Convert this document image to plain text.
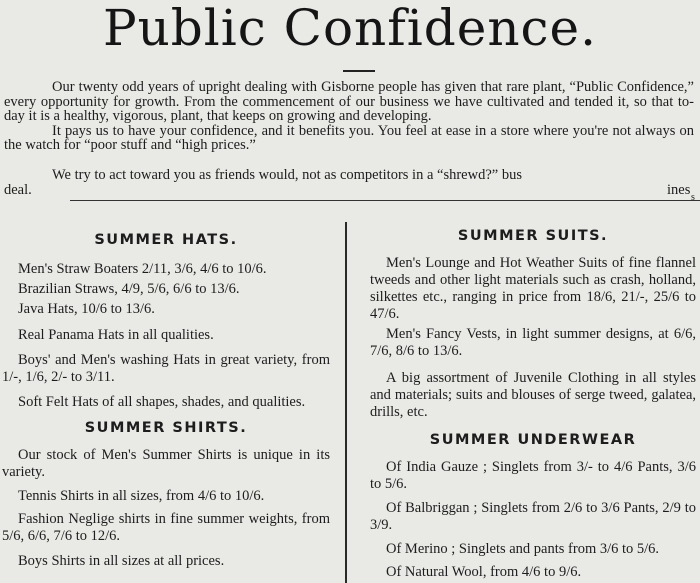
Public Confidence.

Our twenty odd years of upright dealing with Gisborne people has given that rare plant, “Public Confidence,” every opportunity for growth. From the commencement of our business we have cultivated and tended it, so that to-day it is a healthy, vigorous, plant, that keeps on growing and developing.

It pays us to have your confidence, and it benefits you. You feel at ease in a store where you're not always on the watch for “poor stuff and “high prices.”

We try to act toward you as friends would, not as competitors in a “shrewd?” bus
deal.	ines s
SUMMER HATS.

Men's Straw Boaters 2/11, 3/6, 4/6 to 10/6.

Brazilian Straws, 4/9, 5/6, 6/6 to 13/6.

Java Hats, 10/6 to 13/6.

Real Panama Hats in all qualities.

Boys' and Men's washing Hats in great variety, from 1/-, 1/6, 2/- to 3/11.

Soft Felt Hats of all shapes, shades, and qualities.

SUMMER SHIRTS.

Our stock of Men's Summer Shirts is unique in its variety.

Tennis Shirts in all sizes, from 4/6 to 10/6.

Fashion Neglige shirts in fine summer weights, from 5/6, 6/6, 7/6 to 12/6.

Boys Shirts in all sizes at all prices.

SUMMER SUITS.

Men's Lounge and Hot Weather Suits of fine flannel tweeds and other light materials such as crash, holland, silkettes etc., ranging in price from 18/6, 21/-, 25/6 to 47/6.

Men's Fancy Vests, in light summer designs, at 6/6, 7/6, 8/6 to 13/6.

A big assortment of Juvenile Clothing in all styles and materials; suits and blouses of serge tweed, galatea, drills, etc.

SUMMER UNDERWEAR

Of India Gauze ; Singlets from 3/- to 4/6 Pants, 3/6 to 5/6.

Of Balbriggan ; Singlets from 2/6 to 3/6 Pants, 2/9 to 3/9.

Of Merino ; Singlets and pants from 3/6 to 5/6.

Of Natural Wool, from 4/6 to 9/6.
